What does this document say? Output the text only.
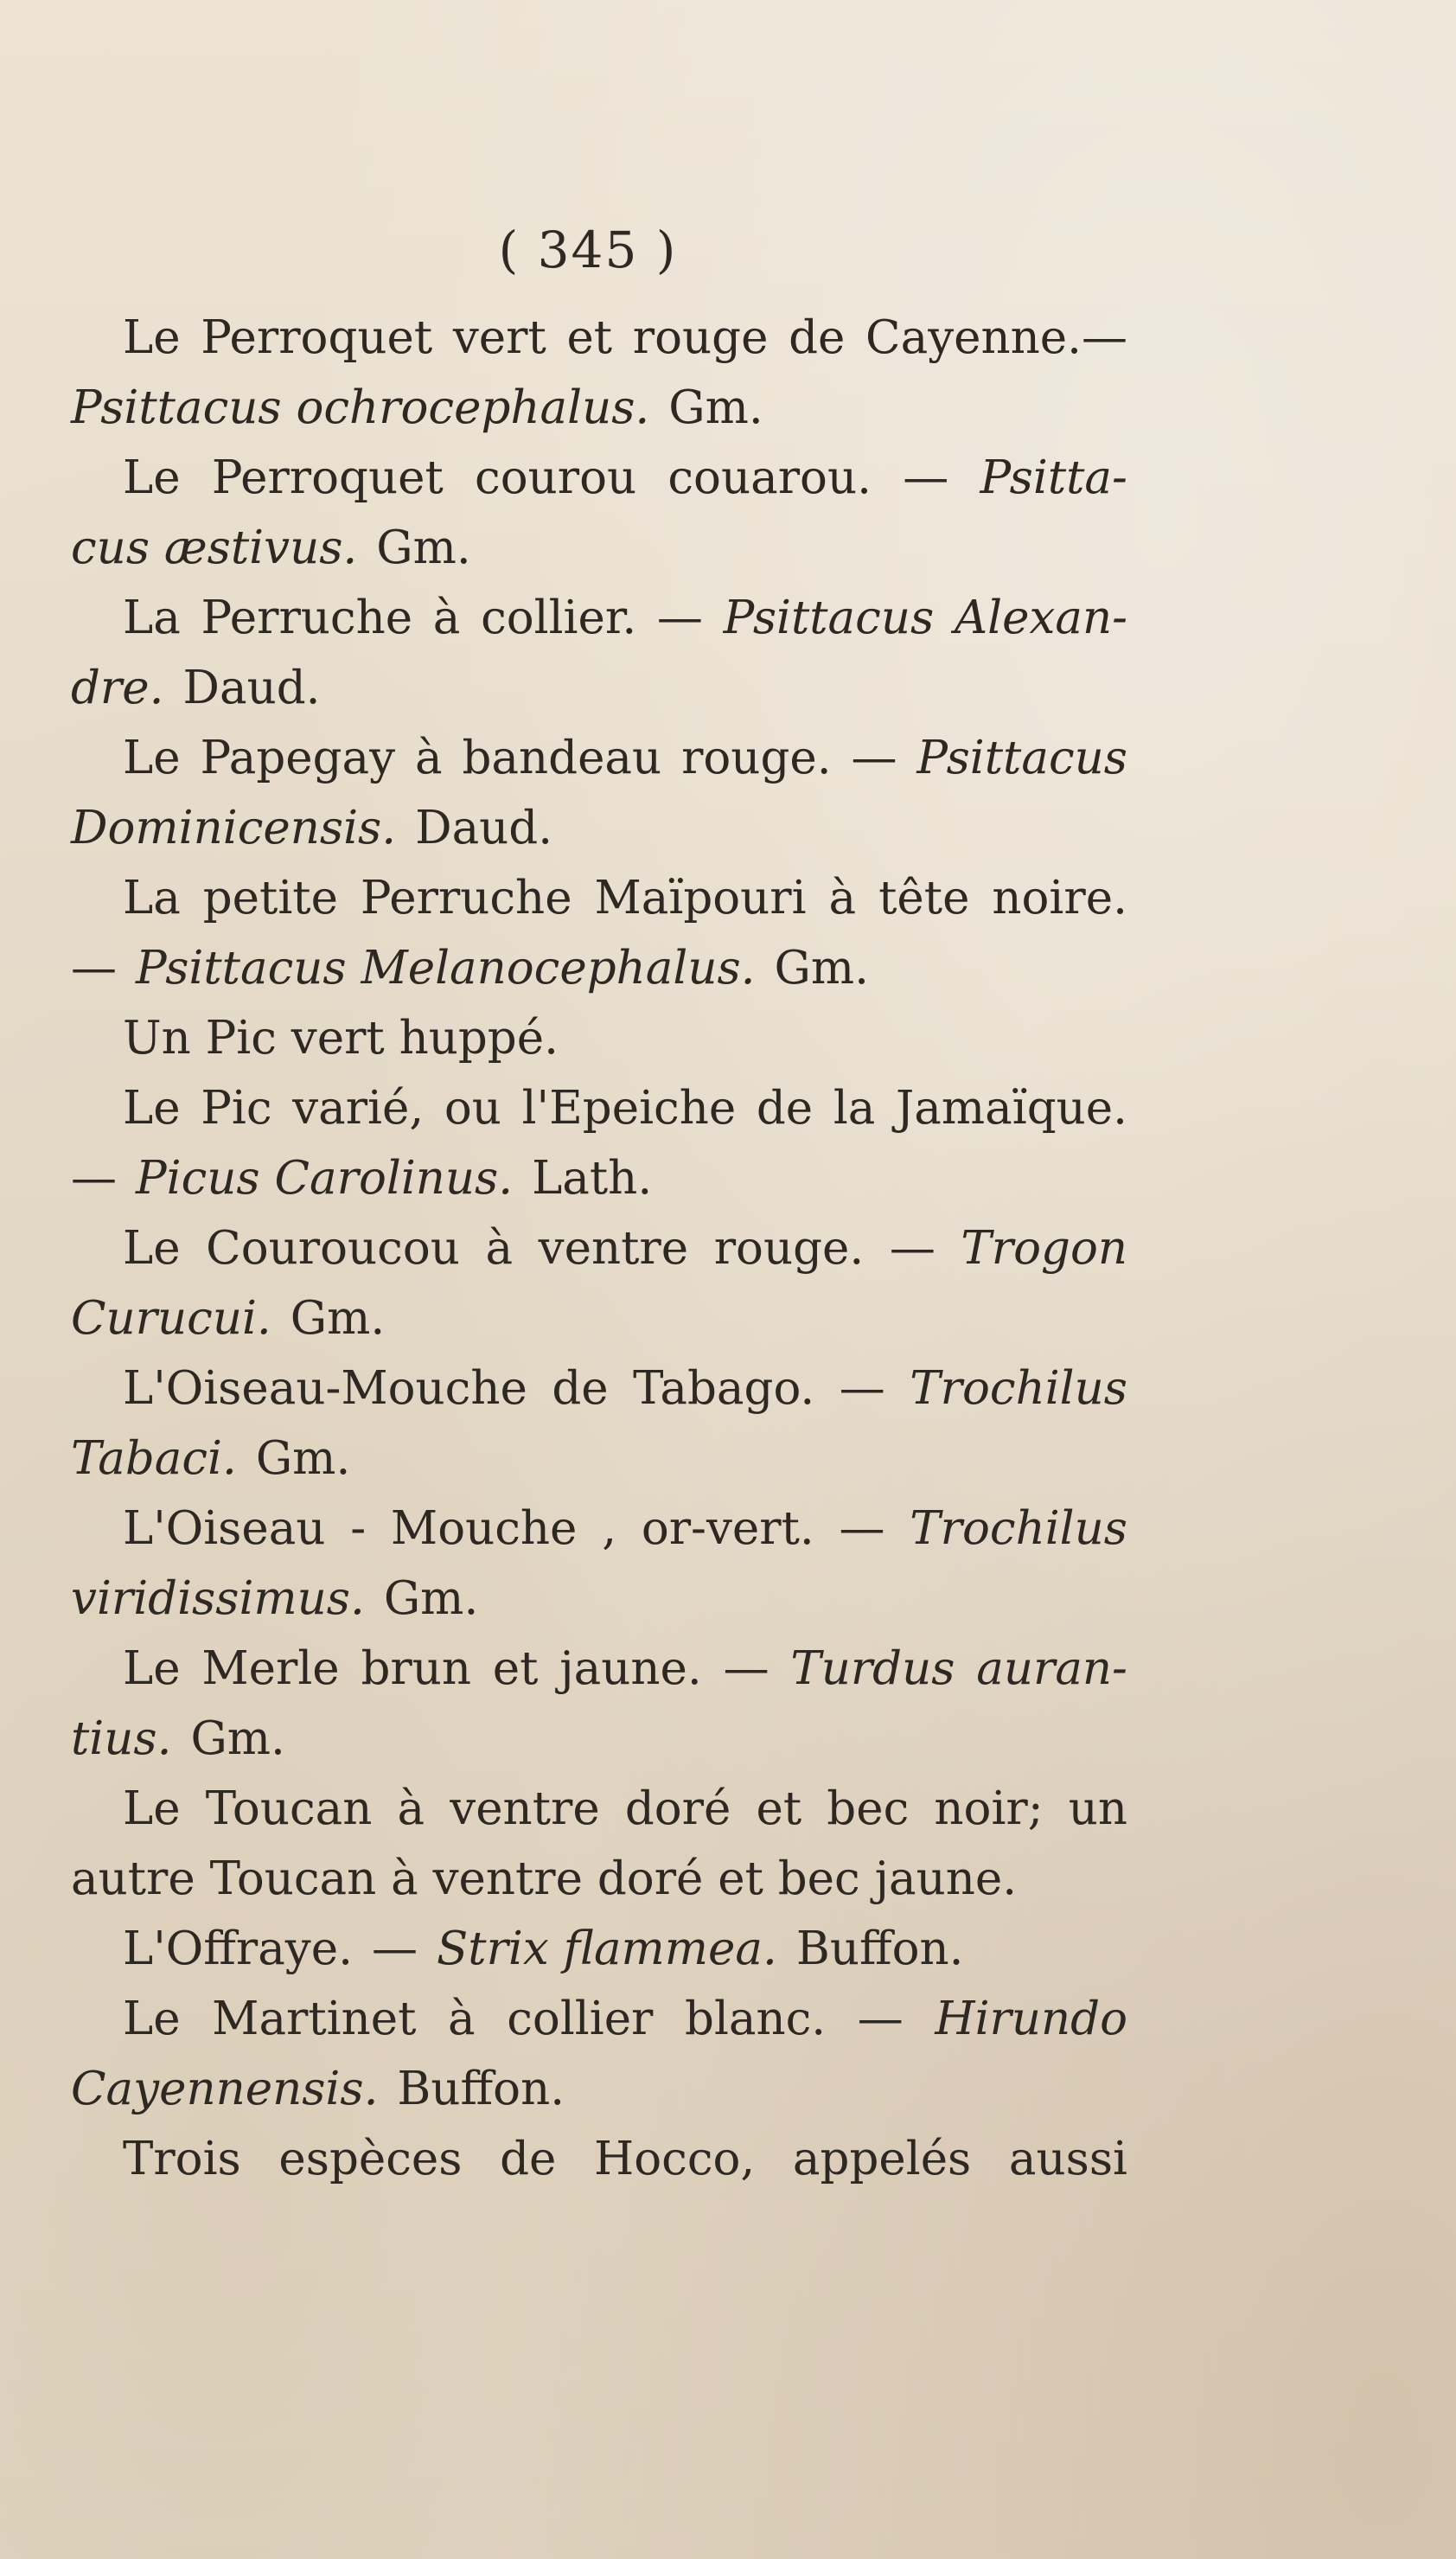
( 345 )
Le Perroquet vert et rouge de Cayenne.—
Psittacus ochrocephalus. Gm.
Le Perroquet courou couarou. — Psitta-
cus æstivus. Gm.
La Perruche à collier. — Psittacus Alexan-
dre. Daud.
Le Papegay à bandeau rouge. — Psittacus
Dominicensis. Daud.
La petite Perruche Maïpouri à tête noire.
— Psittacus Melanocephalus. Gm.
Un Pic vert huppé.
Le Pic varié, ou l'Epeiche de la Jamaïque.
— Picus Carolinus. Lath.
Le Couroucou à ventre rouge. — Trogon
Curucui. Gm.
L'Oiseau-Mouche de Tabago. — Trochilus
Tabaci. Gm.
L'Oiseau - Mouche , or-vert. — Trochilus
viridissimus. Gm.
Le Merle brun et jaune. — Turdus auran-
tius. Gm.
Le Toucan à ventre doré et bec noir; un
autre Toucan à ventre doré et bec jaune.
L'Offraye. — Strix flammea. Buffon.
Le Martinet à collier blanc. — Hirundo
Cayennensis. Buffon.
Trois espèces de Hocco, appelés aussi
